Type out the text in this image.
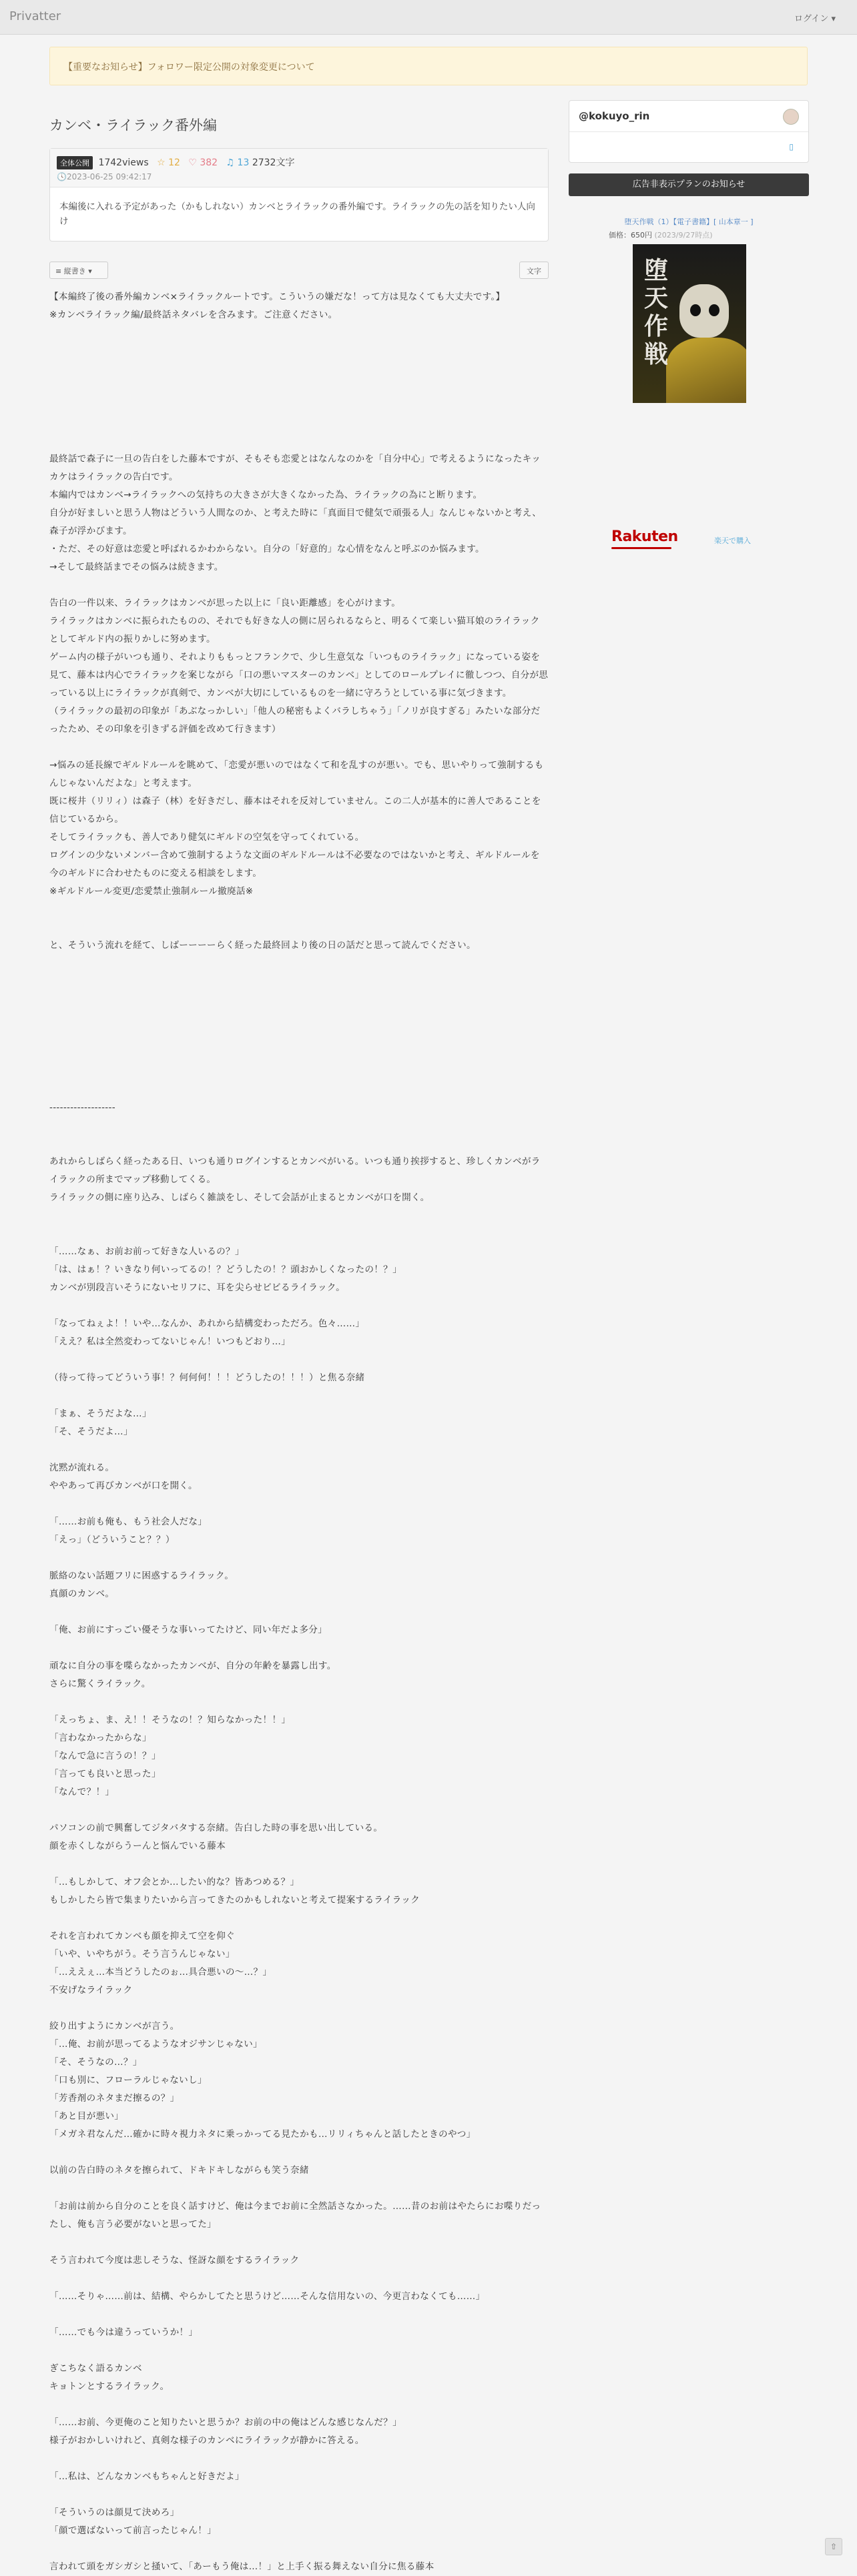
Privatter	ログイン ▾
【重要なお知らせ】フォロワー限定公開の対象変更について
カンベ・ライラック番外編
全体公開 1742views ☆ 12 ♡ 382 ♫ 13 2732文字
🕓2023-06-25 09:42:17
本編後に入れる予定があった（かもしれない）カンベとライラックの番外編です。ライラックの先の話を知りたい人向け
≡ 縦書き ▾	文字

【本編終了後の番外編カンベ×ライラックルートです。こういうの嫌だな！って方は見なくても大丈夫です。】
※カンベライラック編/最終話ネタバレを含みます。ご注意ください。

最終話で森子に一旦の告白をした藤本ですが、そもそも恋愛とはなんなのかを「自分中心」で考えるようになったキッカケはライラックの告白です。
本編内ではカンベ→ライラックへの気持ちの大きさが大きくなかった為、ライラックの為にと断ります。
自分が好ましいと思う人物はどういう人間なのか、と考えた時に「真面目で健気で頑張る人」なんじゃないかと考え、森子が浮かびます。
・ただ、その好意は恋愛と呼ばれるかわからない。自分の「好意的」な心情をなんと呼ぶのか悩みます。
→そして最終話までその悩みは続きます。

告白の一件以来、ライラックはカンベが思った以上に「良い距離感」を心がけます。
ライラックはカンベに振られたものの、それでも好きな人の側に居られるならと、明るくて楽しい猫耳娘のライラックとしてギルド内の振りかしに努めます。
ゲーム内の様子がいつも通り、それよりももっとフランクで、少し生意気な「いつものライラック」になっている姿を見て、藤本は内心でライラックを案じながら「口の悪いマスターのカンベ」としてのロールプレイに徹しつつ、自分が思っている以上にライラックが真剣で、カンベが大切にしているものを一緒に守ろうとしている事に気づきます。
（ライラックの最初の印象が「あぶなっかしい」「他人の秘密もよくバラしちゃう」「ノリが良すぎる」みたいな部分だったため、その印象を引きずる評価を改めて行きます）

→悩みの延長線でギルドルールを眺めて、「恋愛が悪いのではなくて和を乱すのが悪い。でも、思いやりって強制するもんじゃないんだよな」と考えます。
既に桜井（リリィ）は森子（林）を好きだし、藤本はそれを反対していません。この二人が基本的に善人であることを信じているから。
そしてライラックも、善人であり健気にギルドの空気を守ってくれている。
ログインの少ないメンバー含めて強制するような文面のギルドルールは不必要なのではないかと考え、ギルドルールを今のギルドに合わせたものに変える相談をします。
※ギルドルール変更/恋愛禁止強制ルール撤廃話※

と、そういう流れを経て、しばーーーーらく経った最終回より後の日の話だと思って読んでください。

-------------------

あれからしばらく経ったある日、いつも通りログインするとカンベがいる。いつも通り挨拶すると、珍しくカンベがライラックの所までマップ移動してくる。
ライラックの側に座り込み、しばらく雑談をし、そして会話が止まるとカンベが口を開く。

「……なぁ、お前お前って好きな人いるの？」
「は、はぁ！？いきなり何いってるの！？どうしたの！？頭おかしくなったの！？」
カンベが別段言いそうにないセリフに、耳を尖らせビビるライラック。

「なってねぇよ！！いや…なんか、あれから結構変わっただろ。色々……」
「ええ？私は全然変わってないじゃん！いつもどおり…」

（待って待ってどういう事！？何何何！！！どうしたの！！！）と焦る奈緒

「まぁ、そうだよな…」
「そ、そうだよ…」

沈黙が流れる。
ややあって再びカンベが口を開く。

「……お前も俺も、もう社会人だな」
「えっ」（どういうこと？？）

脈絡のない話題フリに困惑するライラック。
真顔のカンベ。

「俺、お前にすっごい優そうな事いってたけど、同い年だよ多分」

頑なに自分の事を喋らなかったカンベが、自分の年齢を暴露し出す。
さらに驚くライラック。

「えっちょ、ま、え！！そうなの！？知らなかった！！」
「言わなかったからな」
「なんで急に言うの！？」
「言っても良いと思った」
「なんで？！」

パソコンの前で興奮してジタバタする奈緒。告白した時の事を思い出している。
顔を赤くしながらうーんと悩んでいる藤本

「…もしかして、オフ会とか…したい的な？皆あつめる？」
もしかしたら皆で集まりたいから言ってきたのかもしれないと考えて提案するライラック

それを言われてカンベも顔を抑えて空を仰ぐ
「いや、いやちがう。そう言うんじゃない」
「…ええぇ…本当どうしたのぉ…具合悪いの〜…？」
不安げなライラック

絞り出すようにカンベが言う。
「…俺、お前が思ってるようなオジサンじゃない」
「そ、そうなの…？」
「口も別に、フローラルじゃないし」
「芳香剤のネタまだ擦るの？」
「あと目が悪い」
「メガネ君なんだ…確かに時々視力ネタに乗っかってる見たかも…リリィちゃんと話したときのやつ」

以前の告白時のネタを擦られて、ドキドキしながらも笑う奈緒

「お前は前から自分のことを良く話すけど、俺は今までお前に全然話さなかった。……昔のお前はやたらにお喋りだったし、俺も言う必要がないと思ってた」

そう言われて今度は悲しそうな、怪訝な顔をするライラック

「……そりゃ……前は、結構、やらかしてたと思うけど……そんな信用ないの、今更言わなくても……」

「……でも今は違うっていうか！」

ぎこちなく語るカンベ
キョトンとするライラック。

「……お前、今更俺のこと知りたいと思うか？お前の中の俺はどんな感じなんだ？」
様子がおかしいけれど、真剣な様子のカンベにライラックが静かに答える。

「…私は、どんなカンベもちゃんと好きだよ」

「そういうのは顔見て決めろ」
「顔で選ばないって前言ったじゃん！」

言われて頭をガシガシと掻いて、「あーもう俺は…！」と上手く振る舞えない自分に焦る藤本

@kokuyo_rin
▯
広告非表示プランのお知らせ
堕天作戦（1）【電子書籍】[ 山本章一 ]
価格：650円 (2023/9/27時点)
堕天作戦
Rakuten	楽天で購入
⇧
